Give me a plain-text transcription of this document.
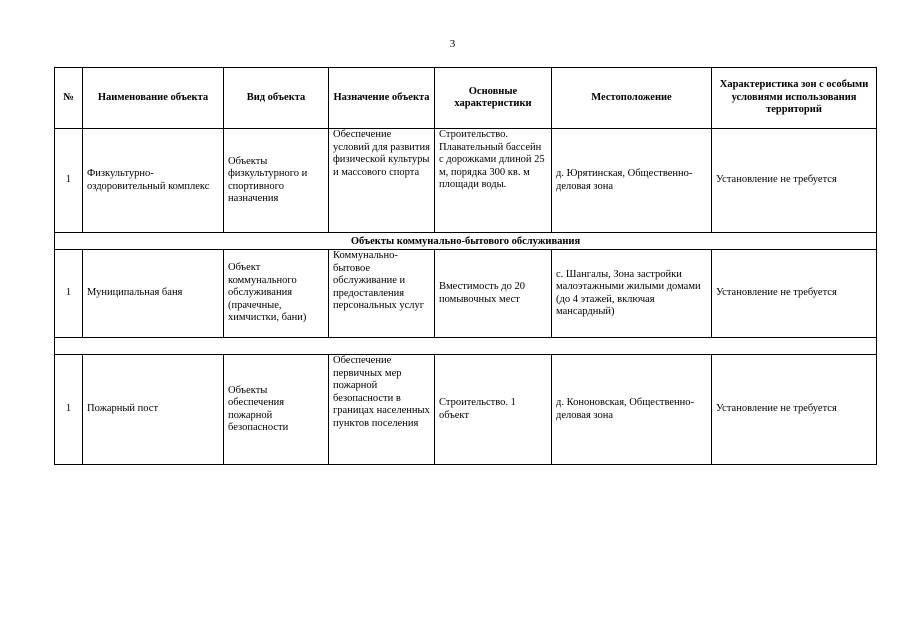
3
№	Наименование объекта	Вид объекта	Назначение объекта	Основные характеристики	Местоположение	Характеристика зон с особыми условиями использования территорий
1	Физкультурно-оздоровительный комплекс	Объекты физкультурного и спортивного назначения	Обеспечение условий для развития физической культуры и массового спорта	Строительство. Плавательный бассейн с дорожками длиной 25 м, порядка 300 кв. м площади воды.	д. Юрятинская, Общественно-деловая зона	Установление не требуется
Объекты коммунально-бытового обслуживания						
1	Муниципальная баня	Объект коммунального обслуживания (прачечные, химчистки, бани)	Коммунально-бытовое обслуживание и предоставления персональных услуг	Вместимость до 20 помывочных мест	с. Шангалы, Зона застройки малоэтажными жилыми домами (до 4 этажей, включая мансардный)	Установление не требуется

1	Пожарный пост	Объекты обеспечения пожарной безопасности	Обеспечение первичных мер пожарной безопасности в границах населенных пунктов поселения	Строительство. 1 объект	д. Кононовская, Общественно-деловая зона	Установление не требуется
